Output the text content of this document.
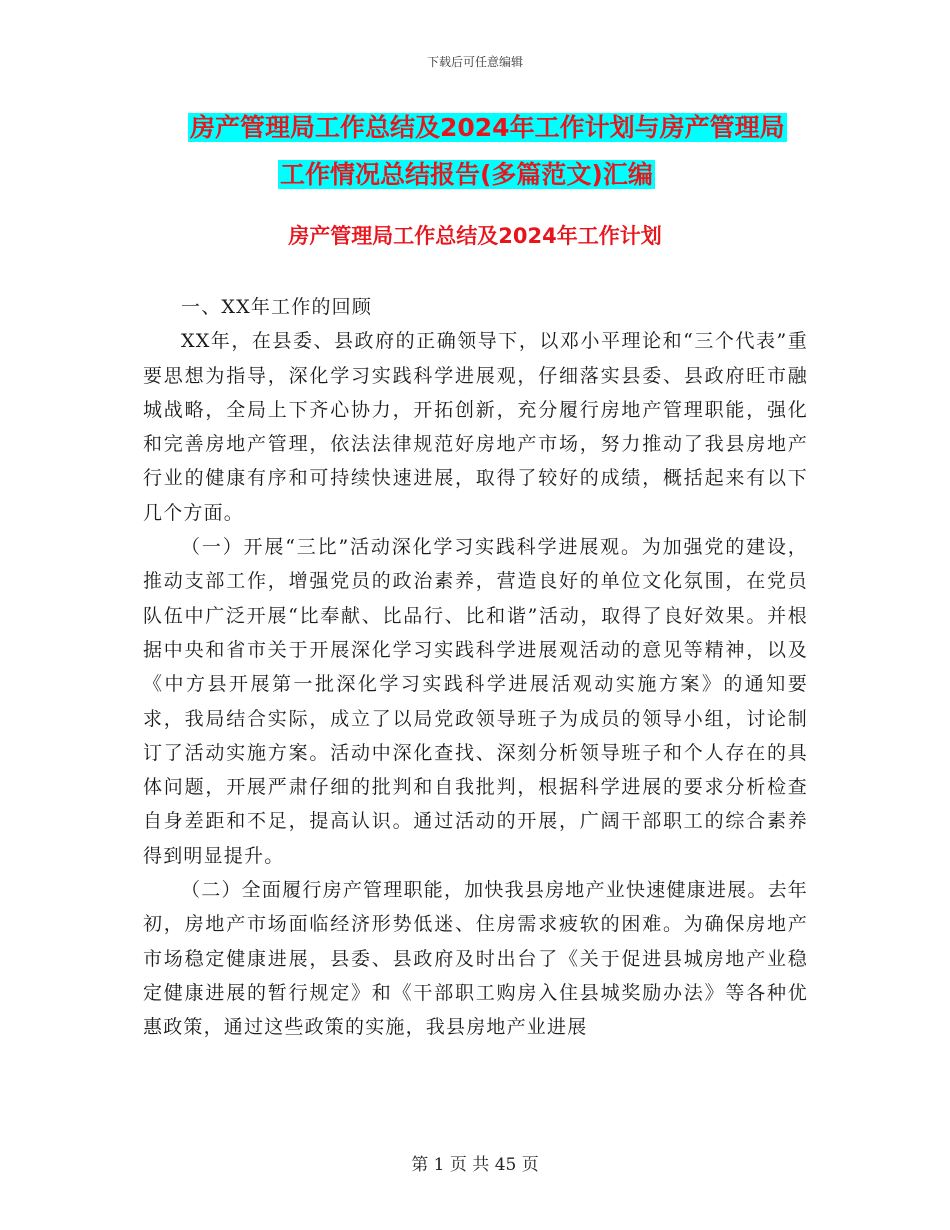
下载后可任意编辑
房产管理局工作总结及2024年工作计划与房产管理局
工作情况总结报告(多篇范文)汇编
房产管理局工作总结及2024年工作计划

一、XX年工作的回顾

XX年，在县委、县政府的正确领导下，以邓小平理论和“三个代表”重要思想为指导，深化学习实践科学进展观，仔细落实县委、县政府旺市融城战略，全局上下齐心协力，开拓创新，充分履行房地产管理职能，强化和完善房地产管理，依法法律规范好房地产市场，努力推动了我县房地产行业的健康有序和可持续快速进展，取得了较好的成绩，概括起来有以下几个方面。

（一）开展“三比”活动深化学习实践科学进展观。为加强党的建设，推动支部工作，增强党员的政治素养，营造良好的单位文化氛围，在党员队伍中广泛开展“比奉献、比品行、比和谐”活动，取得了良好效果。并根据中央和省市关于开展深化学习实践科学进展观活动的意见等精神，以及《中方县开展第一批深化学习实践科学进展活观动实施方案》的通知要求，我局结合实际，成立了以局党政领导班子为成员的领导小组，讨论制订了活动实施方案。活动中深化查找、深刻分析领导班子和个人存在的具体问题，开展严肃仔细的批判和自我批判，根据科学进展的要求分析检查自身差距和不足，提高认识。通过活动的开展，广阔干部职工的综合素养得到明显提升。

（二）全面履行房产管理职能，加快我县房地产业快速健康进展。去年初，房地产市场面临经济形势低迷、住房需求疲软的困难。为确保房地产市场稳定健康进展，县委、县政府及时出台了《关于促进县城房地产业稳定健康进展的暂行规定》和《干部职工购房入住县城奖励办法》等各种优惠政策，通过这些政策的实施，我县房地产业进展

第 1 页 共 45 页
